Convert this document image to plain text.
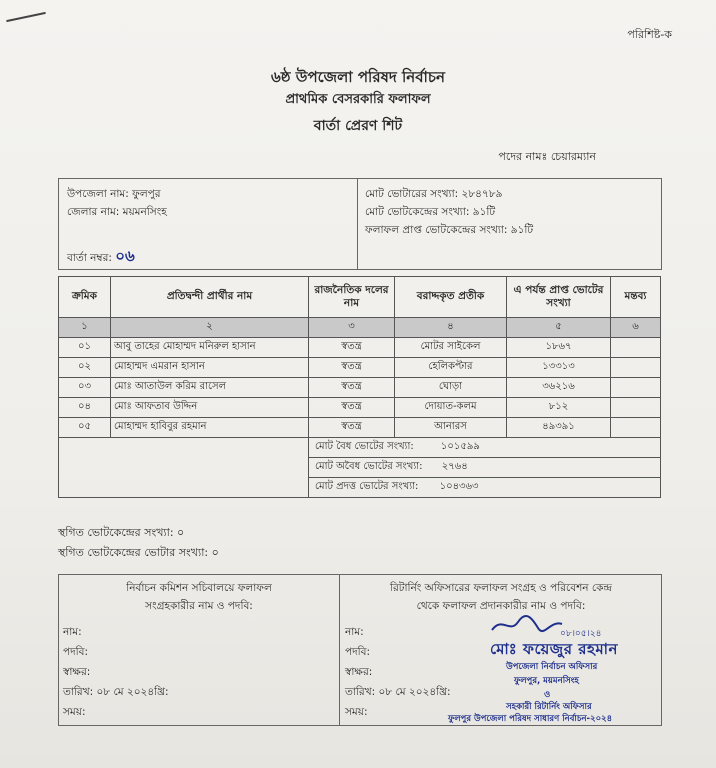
পরিশিষ্ট-ক
৬ষ্ঠ উপজেলা পরিষদ নির্বাচন
প্রাথমিক বেসরকারি ফলাফল
বার্তা প্রেরণ শিট
পদের নামঃ চেয়ারম্যান
উপজেলা নাম: ফুলপুর
জেলার নাম: ময়মনসিংহ
বার্তা নম্বর: ০৬
মোট ভোটারের সংখ্যা: ২৮৪৭৮৯
মোট ভোটকেন্দ্রের সংখ্যা: ৯১টি
ফলাফল প্রাপ্ত ভোটকেন্দ্রের সংখ্যা: ৯১টি
ক্রমিক	প্রতিদ্বন্দী প্রার্থীর নাম	রাজনৈতিক দলের নাম	বরাদ্দকৃত প্রতীক	এ পর্যন্ত প্রাপ্ত ভোটের সংখ্যা	মন্তব্য
১	২	৩	৪	৫	৬
০১	আবু তাহের মোহাম্মদ মনিরুল হাসান	স্বতন্ত্র	মোটর সাইকেল	১৮৬৭	
০২	মোহাম্মদ এমরান হাসান	স্বতন্ত্র	হেলিকপ্টার	১৩৩১৩	
০৩	মোঃ আতাউল করিম রাসেল	স্বতন্ত্র	ঘোড়া	৩৬২১৬	
০৪	মোঃ আফতাব উদ্দিন	স্বতন্ত্র	দোয়াত-কলম	৮১২	
০৫	মোহাম্মদ হাবিবুর রহমান	স্বতন্ত্র	আনারস	৪৯৩৯১	
		মোট বৈধ ভোটের সংখ্যা: ১০১৫৯৯			
		মোট অবৈধ ভোটের সংখ্যা: ২৭৬৪			
		মোট প্রদত্ত ভোটের সংখ্যা: ১০৪৩৬৩			
স্থগিত ভোটকেন্দ্রের সংখ্যা: ০
স্থগিত ভোটকেন্দ্রের ভোটার সংখ্যা: ০
নির্বাচন কমিশন সচিবালয়ে ফলাফল
সংগ্রহকারীর নাম ও পদবি:
নাম:
পদবি:
স্বাক্ষর:
তারিখ: ০৮ মে ২০২৪খ্রি:
সময়:
রিটার্নিং অফিসারের ফলাফল সংগ্রহ ও পরিবেশন কেন্দ্র
থেকে ফলাফল প্রদানকারীর নাম ও পদবি:
নাম:
পদবি:
স্বাক্ষর:
তারিখ: ০৮ মে ২০২৪খ্রি:
সময়:
০৮।০৫।২৪
মোঃ ফয়েজুর রহমান
উপজেলা নির্বাচন অফিসার
ফুলপুর, ময়মনসিংহ
ও
সহকারী রিটার্নিং অফিসার
ফুলপুর উপজেলা পরিষদ সাধারণ নির্বাচন-২০২৪
